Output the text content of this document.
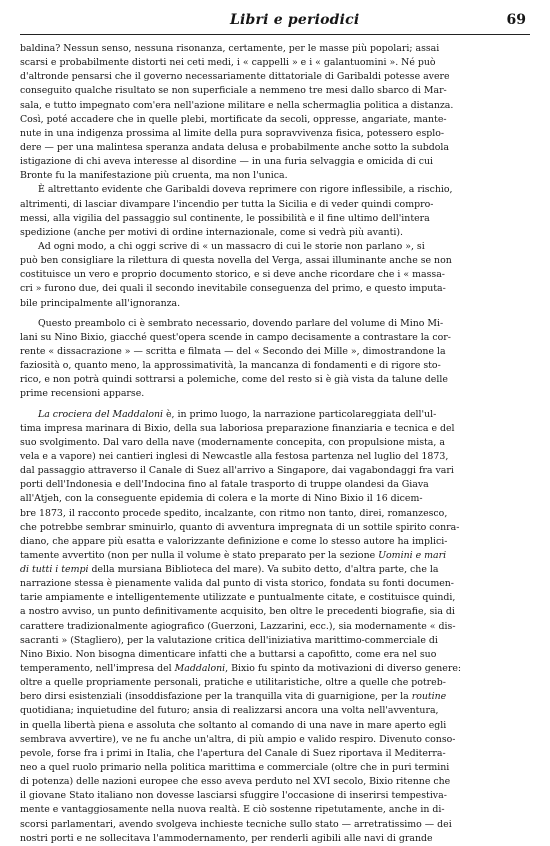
Libri e periodici	69
baldina? Nessun senso, nessuna risonanza, certamente, per le masse più popolari; assai
scarsi e probabilmente distorti nei ceti medi, i « cappelli » e i « galantuomini ». Né può
d'altronde pensarsi che il governo necessariamente dittatoriale di Garibaldi potesse avere
conseguito qualche risultato se non superficiale a nemmeno tre mesi dallo sbarco di Mar-
sala, e tutto impegnato com'era nell'azione militare e nella schermaglia politica a distanza.
Così, poté accadere che in quelle plebi, mortificate da secoli, oppresse, angariate, mante-
nute in una indigenza prossima al limite della pura sopravvivenza fisica, potessero esplo-
dere — per una malintesa speranza andata delusa e probabilmente anche sotto la subdola
istigazione di chi aveva interesse al disordine — in una furia selvaggia e omicida di cui
Bronte fu la manifestazione più cruenta, ma non l'unica.
È altrettanto evidente che Garibaldi doveva reprimere con rigore inflessibile, a rischio,
altrimenti, di lasciar divampare l'incendio per tutta la Sicilia e di veder quindi compro-
messi, alla vigilia del passaggio sul continente, le possibilità e il fine ultimo dell'intera
spedizione (anche per motivi di ordine internazionale, come si vedrà più avanti).
Ad ogni modo, a chi oggi scrive di « un massacro di cui le storie non parlano », si
può ben consigliare la rilettura di questa novella del Verga, assai illuminante anche se non
costituisce un vero e proprio documento storico, e si deve anche ricordare che i « massa-
cri » furono due, dei quali il secondo inevitabile conseguenza del primo, e questo imputa-
bile principalmente all'ignoranza.
Questo preambolo ci è sembrato necessario, dovendo parlare del volume di Mino Mi-
lani su Nino Bixio, giacché quest'opera scende in campo decisamente a contrastare la cor-
rente « dissacrazione » — scritta e filmata — del « Secondo dei Mille », dimostrandone la
faziosità o, quanto meno, la approssimatività, la mancanza di fondamenti e di rigore sto-
rico, e non potrà quindi sottrarsi a polemiche, come del resto si è già vista da talune delle
prime recensioni apparse.
La crociera del Maddaloni è, in primo luogo, la narrazione particolareggiata dell'ul-
tima impresa marinara di Bixio, della sua laboriosa preparazione finanziaria e tecnica e del
suo svolgimento. Dal varo della nave (modernamente concepita, con propulsione mista, a
vela e a vapore) nei cantieri inglesi di Newcastle alla festosa partenza nel luglio del 1873,
dal passaggio attraverso il Canale di Suez all'arrivo a Singapore, dai vagabondaggi fra vari
porti dell'Indonesia e dell'Indocina fino al fatale trasporto di truppe olandesi da Giava
all'Atjeh, con la conseguente epidemia di colera e la morte di Nino Bixio il 16 dicem-
bre 1873, il racconto procede spedito, incalzante, con ritmo non tanto, direi, romanzesco,
che potrebbe sembrar sminuirlo, quanto di avventura impregnata di un sottile spirito conra-
diano, che appare più esatta e valorizzante definizione e come lo stesso autore ha implici-
tamente avvertito (non per nulla il volume è stato preparato per la sezione Uomini e mari
di tutti i tempi della mursiana Biblioteca del mare). Va subito detto, d'altra parte, che la
narrazione stessa è pienamente valida dal punto di vista storico, fondata su fonti documen-
tarie ampiamente e intelligentemente utilizzate e puntualmente citate, e costituisce quindi,
a nostro avviso, un punto definitivamente acquisito, ben oltre le precedenti biografie, sia di
carattere tradizionalmente agiografico (Guerzoni, Lazzarini, ecc.), sia modernamente « dis-
sacranti » (Stagliero), per la valutazione critica dell'iniziativa marittimo-commerciale di
Nino Bixio. Non bisogna dimenticare infatti che a buttarsi a capofitto, come era nel suo
temperamento, nell'impresa del Maddaloni, Bixio fu spinto da motivazioni di diverso genere:
oltre a quelle propriamente personali, pratiche e utilitaristiche, oltre a quelle che potreb-
bero dirsi esistenziali (insoddisfazione per la tranquilla vita di guarnigione, per la routine
quotidiana; inquietudine del futuro; ansia di realizzarsi ancora una volta nell'avventura,
in quella libertà piena e assoluta che soltanto al comando di una nave in mare aperto egli
sembrava avvertire), ve ne fu anche un'altra, di più ampio e valido respiro. Divenuto conso-
pevole, forse fra i primi in Italia, che l'apertura del Canale di Suez riportava il Mediterra-
neo a quel ruolo primario nella politica marittima e commerciale (oltre che in puri termini
di potenza) delle nazioni europee che esso aveva perduto nel XVI secolo, Bixio ritenne che
il giovane Stato italiano non dovesse lasciarsi sfuggire l'occasione di inserirsi tempestiva-
mente e vantaggiosamente nella nuova realtà. E ciò sostenne ripetutamente, anche in di-
scorsi parlamentari, avendo svolgeva inchieste tecniche sullo stato — arretratissimo — dei
nostri porti e ne sollecitava l'ammodernamento, per renderli agibili alle navi di grande
